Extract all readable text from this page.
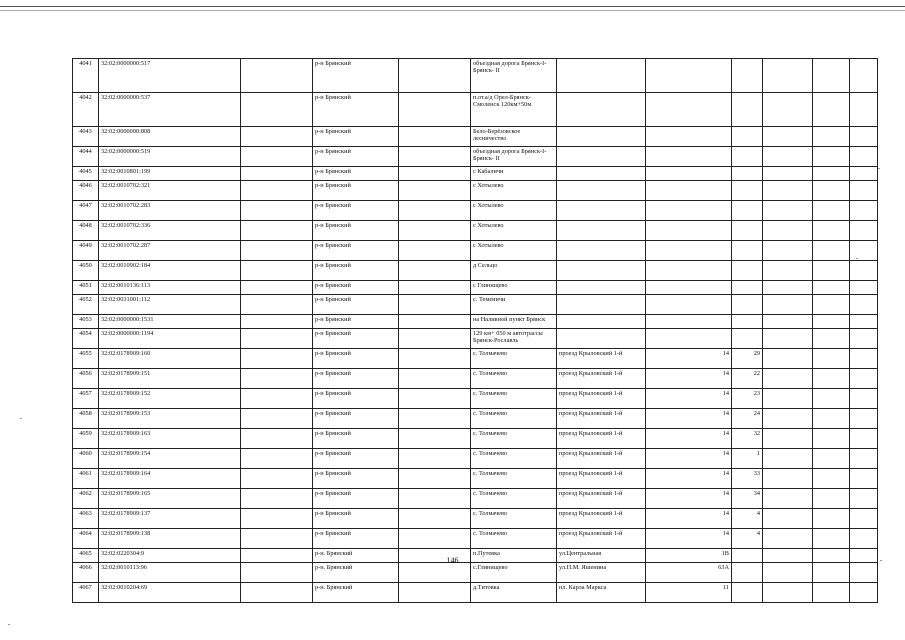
4041	32:02:0000000:517		р-н Брянский		объездная дорога Брянск-I- Брянск- II						
4042	32:02:0000000:537		р-н Брянский		п.от.а/д Орел-Брянск-Смоленск 120км+50м						
4043	32:02:0000000:808		р-н Брянский		Бело-Берёзовское лесничество						
4044	32:02:0000000:519		р-н Брянский		объездная дорога Брянск-I- Брянск- II						
4045	32:02:0010801:199		р-н Брянский		с Кабаличи						
4046	32:02:0010702:321		р-н Брянский		с Хотылево						
4047	32:02:0010702:283		р-н Брянский		с Хотылево						
4048	32:02:0010702:336		р-н Брянский		с Хотылево						
4049	32:02:0010702:287		р-н Брянский		с Хотылево						
4050	32:02:0010902:184		р-н Брянский		д Сельцо						
4051	32:02:0010136:113		р-н Брянский		с Глинищево						
4052	32:02:0031001:112		р-н Брянский		с. Теменичи						
4053	32:02:0000000:1531		р-н Брянский		на Наливной пункт Брянск						
4054	32:02:0000000:1194		р-н Брянский		129 км+ 050 м автотрассы Брянск-Рославль						
4055	32:02:0178909:160		р-н Брянский		с. Толмачево	проезд Крыловский 1-й	14	29			
4056	32:02:0178909:151		р-н Брянский		с. Толмачево	проезд Крыловский 1-й	14	22			
4057	32:02:0178909:152		р-н Брянский		с. Толмачево	проезд Крыловский 1-й	14	23			
4058	32:02:0178909:153		р-н Брянский		с. Толмачево	проезд Крыловский 1-й	14	24			
4059	32:02:0178909:163		р-н Брянский		с. Толмачево	проезд Крыловский 1-й	14	32			
4060	32:02:0178909:154		р-н Брянский		с. Толмачево	проезд Крыловский 1-й	14	1			
4061	32:02:0178909:164		р-н Брянский		с. Толмачево	проезд Крыловский 1-й	14	33			
4062	32:02:0178909:165		р-н Брянский		с. Толмачево	проезд Крыловский 1-й	14	34			
4063	32:02:0178909:137		р-н Брянский		с. Толмачево	проезд Крыловский 1-й	14	4			
4064	32:02:0178909:138		р-н Брянский		с. Толмачево	проезд Крыловский 1-й	14	4			
4065	32:02:0220304:9		р-н. Брянский		п.Путевка	ул.Центральная	1В				
4066	32:02:0010113:96		р-н. Брянский		с.Глинищево	ул.П.М. Яшенина	63А				
4067	32:02:0010204:69		р-н. Брянский		д.Титовка	пл. Карла Маркса	11				
146
